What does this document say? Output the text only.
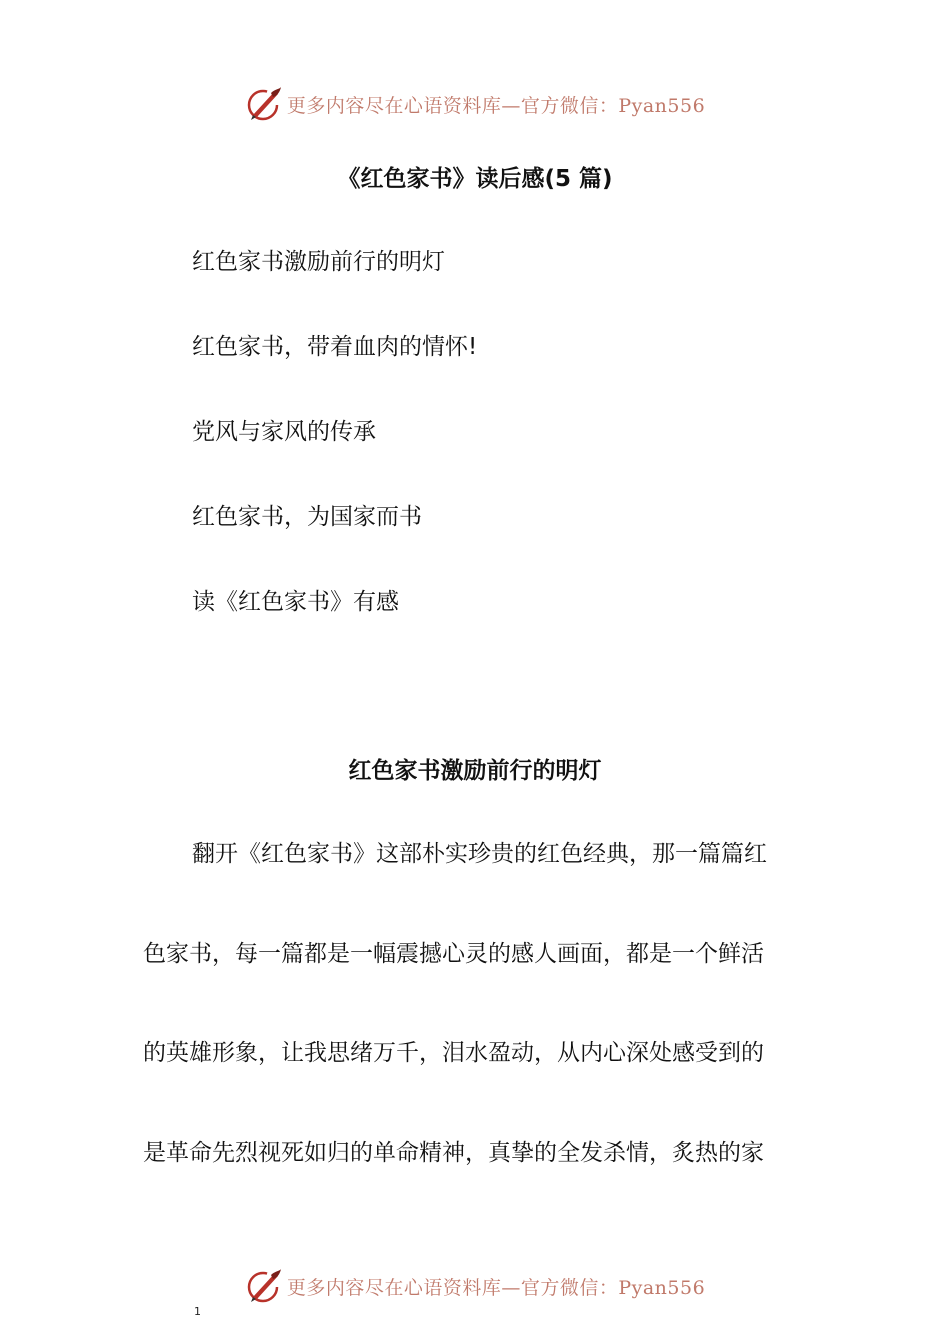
更多内容尽在心语资料库—官方微信：Pyan556
《红色家书》读后感(5 篇)
红色家书激励前行的明灯
红色家书，带着血肉的情怀!
党风与家风的传承
红色家书，为国家而书
读《红色家书》有感
红色家书激励前行的明灯
翻开《红色家书》这部朴实珍贵的红色经典，那一篇篇红
色家书，每一篇都是一幅震撼心灵的感人画面，都是一个鲜活
的英雄形象，让我思绪万千，泪水盈动，从内心深处感受到的
是革命先烈视死如归的单命精神，真挚的全发杀情，炙热的家
更多内容尽在心语资料库—官方微信：Pyan556
1
